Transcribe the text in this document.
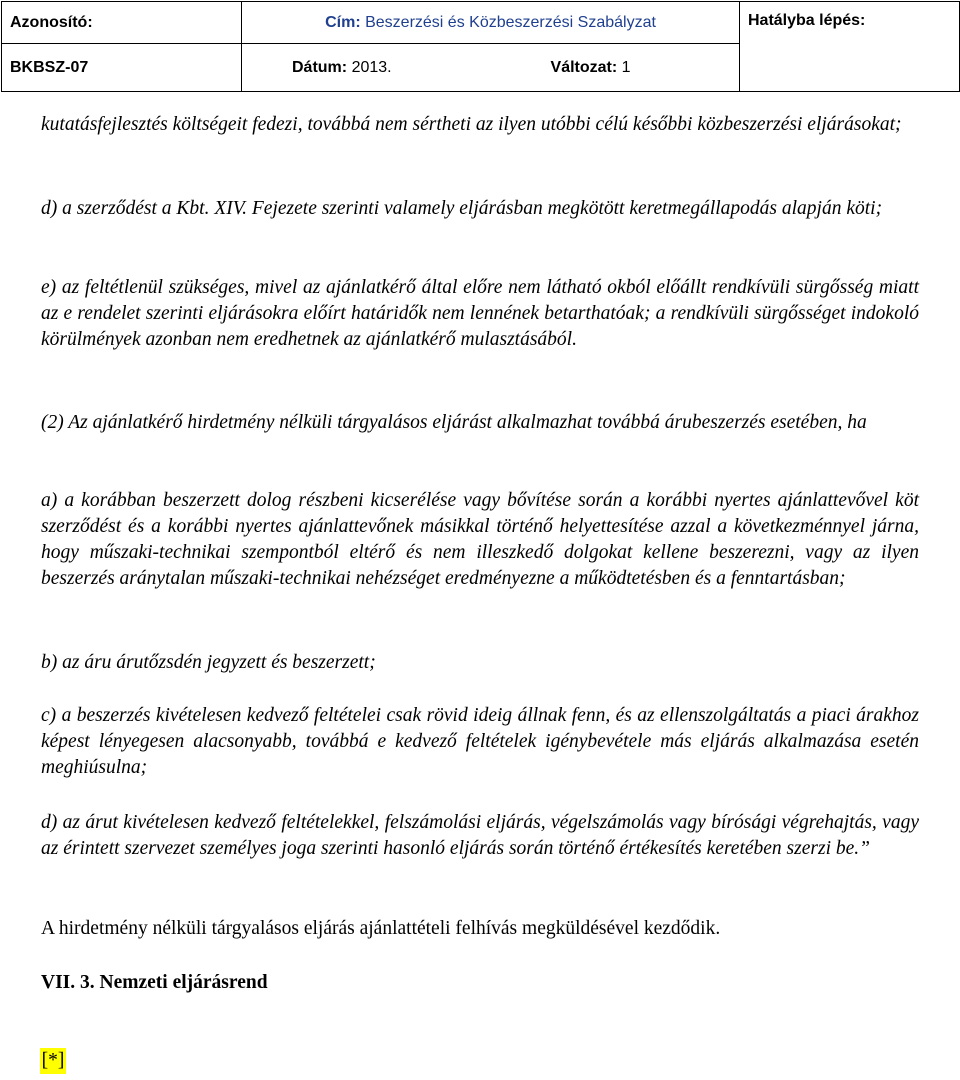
Azonosító:	Cím: Beszerzési és Közbeszerzési Szabályzat	Hatályba lépés:
BKBSZ-07	Dátum: 2013. Változat: 1	

kutatásfejlesztés költségeit fedezi, továbbá nem sértheti az ilyen utóbbi célú későbbi közbeszerzési eljárásokat;

d) a szerződést a Kbt. XIV. Fejezete szerinti valamely eljárásban megkötött keretmegállapodás alapján köti;

e) az feltétlenül szükséges, mivel az ajánlatkérő által előre nem látható okból előállt rendkívüli sürgősség miatt az e rendelet szerinti eljárásokra előírt határidők nem lennének betarthatóak; a rendkívüli sürgősséget indokoló körülmények azonban nem eredhetnek az ajánlatkérő mulasztásából.

(2) Az ajánlatkérő hirdetmény nélküli tárgyalásos eljárást alkalmazhat továbbá árubeszerzés esetében, ha

a) a korábban beszerzett dolog részbeni kicserélése vagy bővítése során a korábbi nyertes ajánlattevővel köt szerződést és a korábbi nyertes ajánlattevőnek másikkal történő helyettesítése azzal a következménnyel járna, hogy műszaki-technikai szempontból eltérő és nem illeszkedő dolgokat kellene beszerezni, vagy az ilyen beszerzés aránytalan műszaki-technikai nehézséget eredményezne a működtetésben és a fenntartásban;

b) az áru árutőzsdén jegyzett és beszerzett;

c) a beszerzés kivételesen kedvező feltételei csak rövid ideig állnak fenn, és az ellenszolgáltatás a piaci árakhoz képest lényegesen alacsonyabb, továbbá e kedvező feltételek igénybevétele más eljárás alkalmazása esetén meghiúsulna;

d) az árut kivételesen kedvező feltételekkel, felszámolási eljárás, végelszámolás vagy bírósági végrehajtás, vagy az érintett szervezet személyes joga szerinti hasonló eljárás során történő értékesítés keretében szerzi be.”

A hirdetmény nélküli tárgyalásos eljárás ajánlattételi felhívás megküldésével kezdődik.

VII. 3. Nemzeti eljárásrend

[*]
